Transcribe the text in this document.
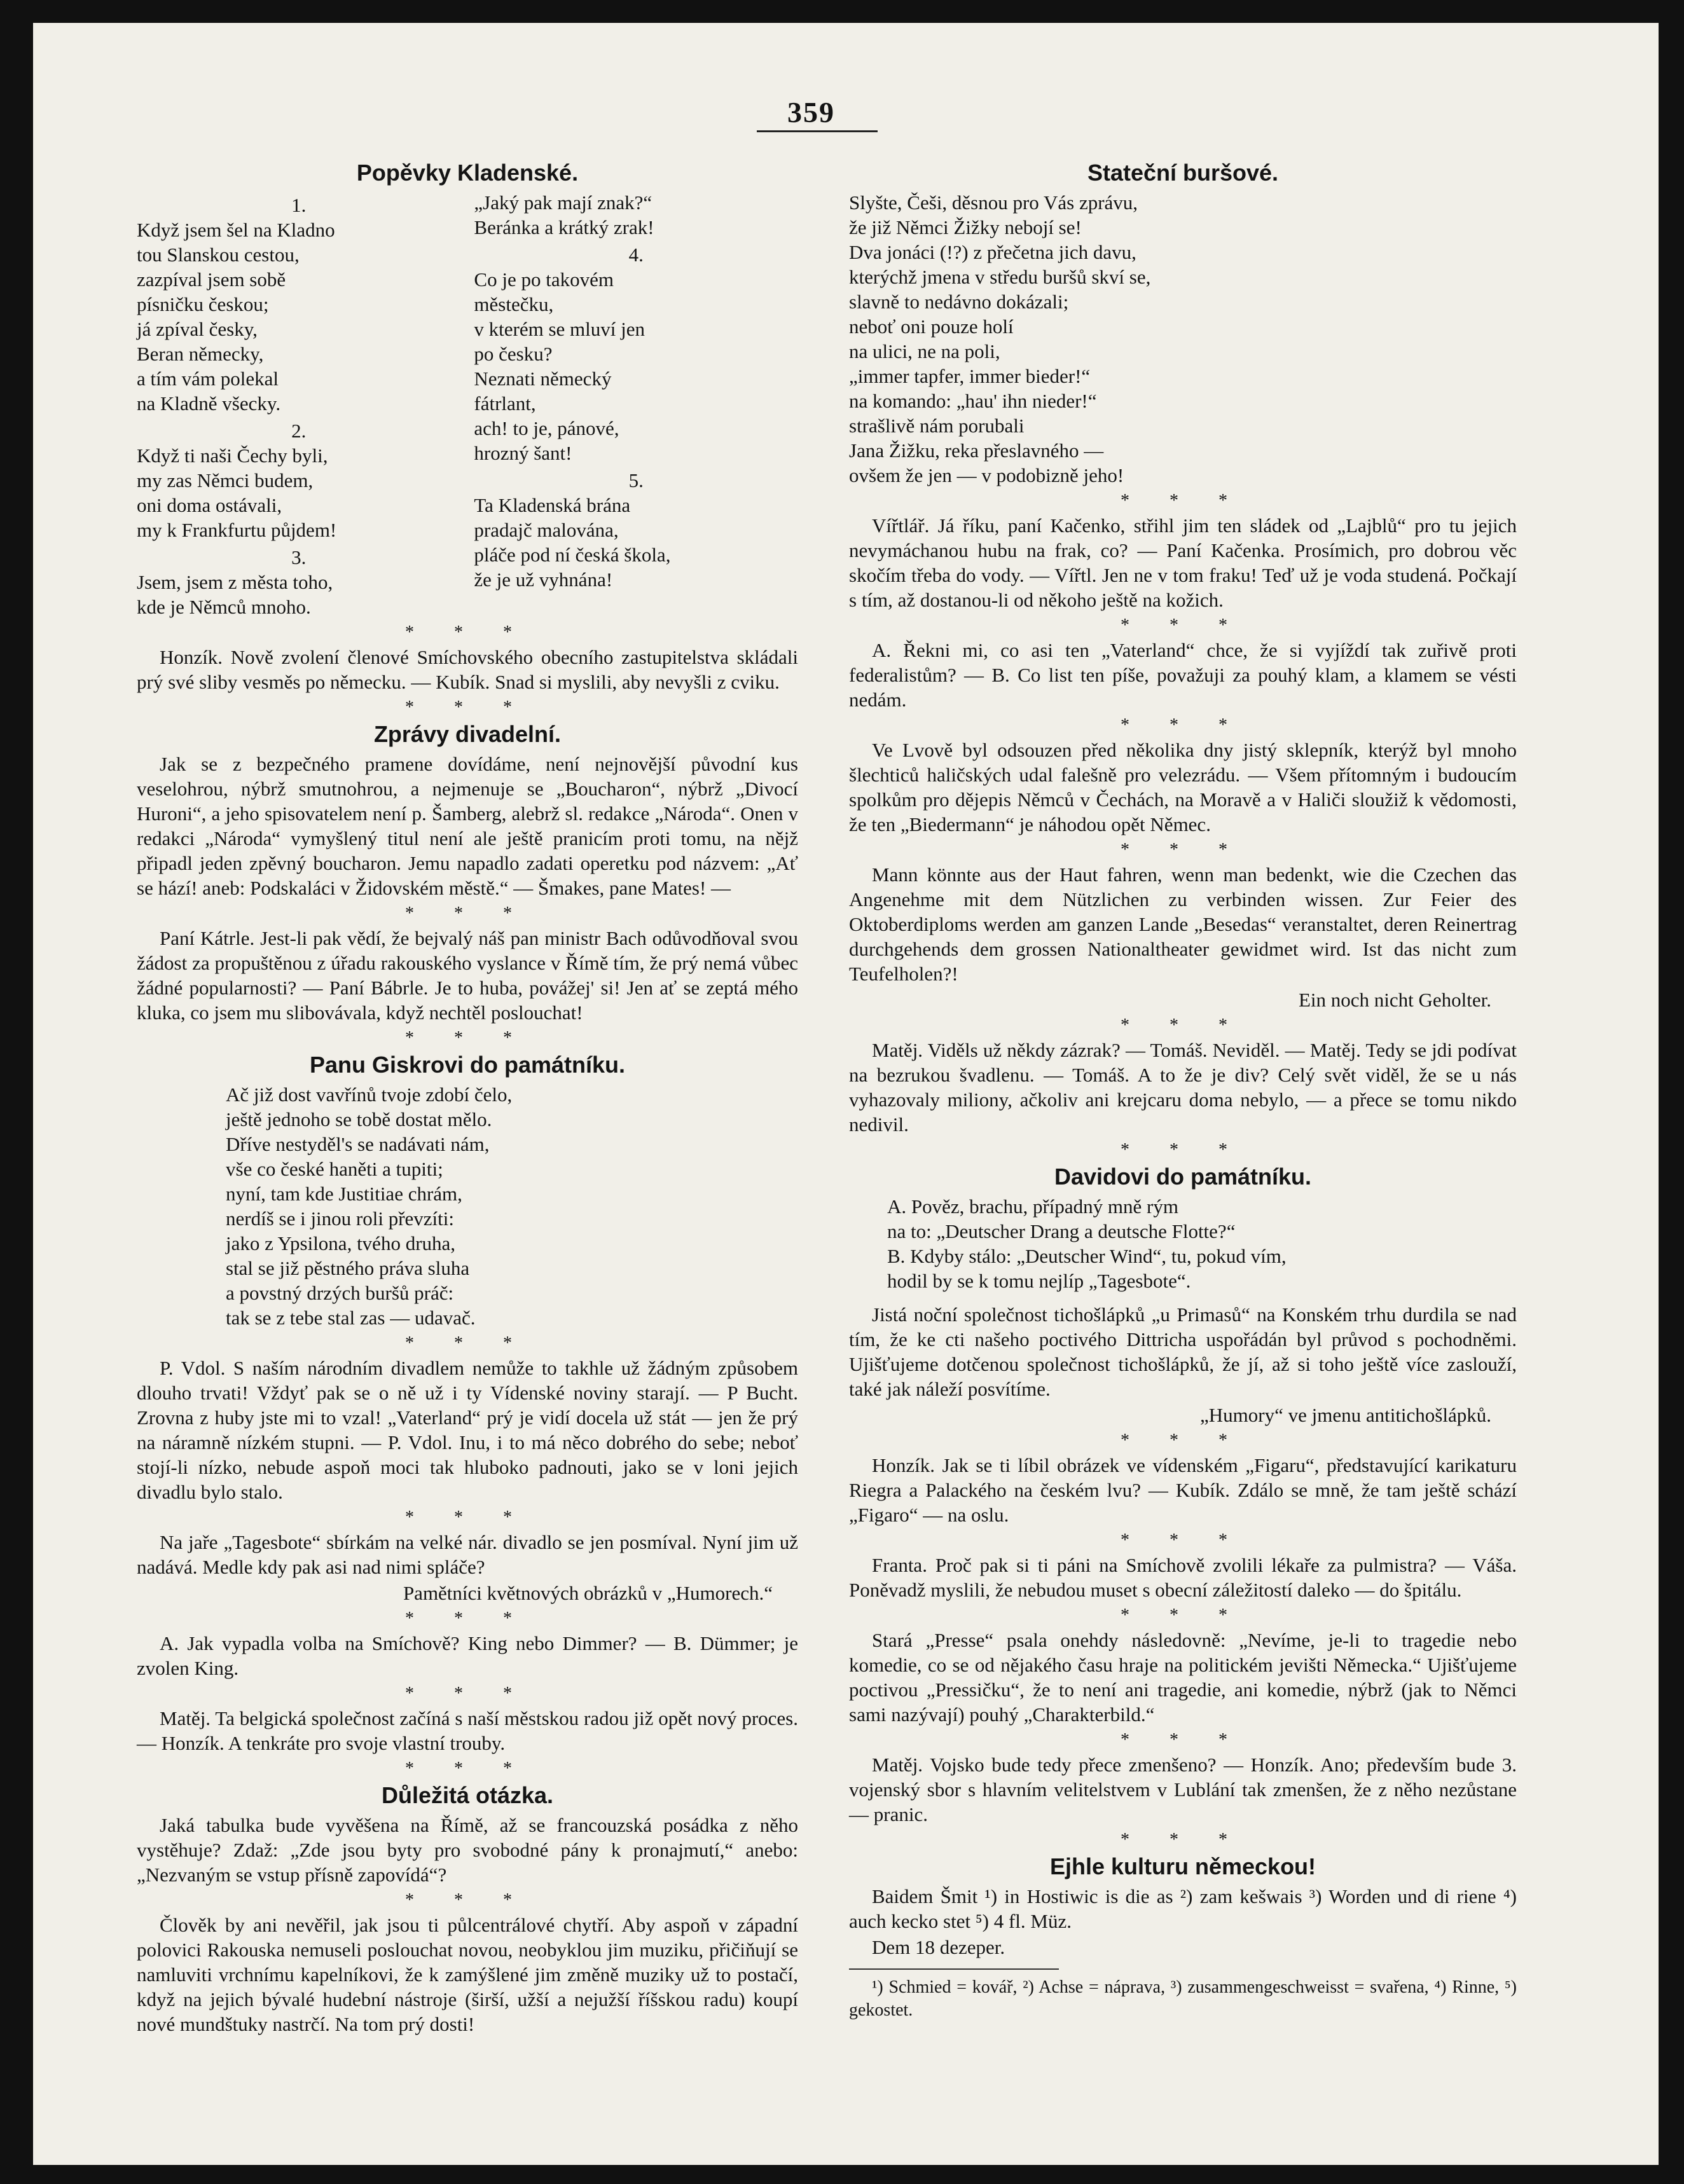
359
Popěvky Kladenské.

1.

Když jsem šel na Kladno

tou Slanskou cestou,

zazpíval jsem sobě

písničku českou;

já zpíval česky,

Beran německy,

a tím vám polekal

na Kladně všecky.

2.

Když ti naši Čechy byli,

my zas Němci budem,

oni doma ostávali,

my k Frankfurtu půjdem!

3.

Jsem, jsem z města toho,

kde je Němců mnoho.

„Jaký pak mají znak?“

Beránka a krátký zrak!

4.

Co je po takovém

městečku,

v kterém se mluví jen

po česku?

Neznati německý

fátrlant,

ach! to je, pánové,

hrozný šant!

5.

Ta Kladenská brána

pradajč malována,

pláče pod ní česká škola,

že je už vyhnána!

* * *

Honzík. Nově zvolení členové Smíchovského obecního zastupitelstva skládali prý své sliby vesměs po německu. — Kubík. Snad si myslili, aby nevyšli z cviku.

* * *
Zprávy divadelní.

Jak se z bezpečného pramene dovídáme, není nejnovější původní kus veselohrou, nýbrž smutnohrou, a nejmenuje se „Boucharon“, nýbrž „Divocí Huroni“, a jeho spisovatelem není p. Šamberg, alebrž sl. redakce „Národa“. Onen v redakci „Národa“ vymyšlený titul není ale ještě pranicím proti tomu, na nějž připadl jeden zpěvný boucharon. Jemu napadlo zadati operetku pod názvem: „Ať se hází! aneb: Podskaláci v Židovském městě.“ — Šmakes, pane Mates! —

* * *

Paní Kátrle. Jest-li pak vědí, že bejvalý náš pan ministr Bach odůvodňoval svou žádost za propuštěnou z úřadu rakouského vyslance v Římě tím, že prý nemá vůbec žádné popularnosti? — Paní Bábrle. Je to huba, povážej' si! Jen ať se zeptá mého kluka, co jsem mu slibovávala, když nechtěl poslouchat!

* * *
Panu Giskrovi do památníku.

Ač již dost vavřínů tvoje zdobí čelo,

ještě jednoho se tobě dostat mělo.

Dříve nestyděl's se nadávati nám,

vše co české haněti a tupiti;

nyní, tam kde Justitiae chrám,

nerdíš se i jinou roli převzíti:

jako z Ypsilona, tvého druha,

stal se již pěstného práva sluha

a povstný drzých buršů práč:

tak se z tebe stal zas — udavač.

* * *

P. Vdol. S naším národním divadlem nemůže to takhle už žádným způsobem dlouho trvati! Vždyť pak se o ně už i ty Vídenské noviny starají. — P Bucht. Zrovna z huby jste mi to vzal! „Vaterland“ prý je vidí docela už stát — jen že prý na náramně nízkém stupni. — P. Vdol. Inu, i to má něco dobrého do sebe; neboť stojí-li nízko, nebude aspoň moci tak hluboko padnouti, jako se v loni jejich divadlu bylo stalo.

* * *

Na jaře „Tagesbote“ sbírkám na velké nár. divadlo se jen posmíval. Nyní jim už nadává. Medle kdy pak asi nad nimi spláče?

Pamětníci květnových obrázků v „Humorech.“

* * *

A. Jak vypadla volba na Smíchově? King nebo Dimmer? — B. Dümmer; je zvolen King.

* * *

Matěj. Ta belgická společnost začíná s naší městskou radou již opět nový proces. — Honzík. A tenkráte pro svoje vlastní trouby.

* * *
Důležitá otázka.

Jaká tabulka bude vyvěšena na Římě, až se francouzská posádka z něho vystěhuje? Zdaž: „Zde jsou byty pro svobodné pány k pronajmutí,“ anebo: „Nezvaným se vstup přísně zapovídá“?

* * *

Člověk by ani nevěřil, jak jsou ti půlcentrálové chytří. Aby aspoň v západní polovici Rakouska nemuseli poslouchat novou, neobyklou jim muziku, přičiňují se namluviti vrchnímu kapelníkovi, že k zamýšlené jim změně muziky už to postačí, když na jejich bývalé hudební nástroje (širší, užší a nejužší říšskou radu) koupí nové mundštuky nastrčí. Na tom prý dosti!

Stateční buršové.

Slyšte, Češi, děsnou pro Vás zprávu,

že již Němci Žižky nebojí se!

Dva jonáci (!?) z přečetna jich davu,

kterýchž jmena v středu buršů skví se,

slavně to nedávno dokázali;

neboť oni pouze holí

na ulici, ne na poli,

„immer tapfer, immer bieder!“

na komando: „hau' ihn nieder!“

strašlivě nám porubali

Jana Žižku, reka přeslavného —

ovšem že jen — v podobizně jeho!

* * *

Vířtlář. Já říku, paní Kačenko, střihl jim ten sládek od „Lajblů“ pro tu jejich nevymáchanou hubu na frak, co? — Paní Kačenka. Prosímich, pro dobrou věc skočím třeba do vody. — Vířtl. Jen ne v tom fraku! Teď už je voda studená. Počkají s tím, až dostanou-li od někoho ještě na kožich.

* * *

A. Řekni mi, co asi ten „Vaterland“ chce, že si vyjíždí tak zuřivě proti federalistům? — B. Co list ten píše, považuji za pouhý klam, a klamem se vésti nedám.

* * *

Ve Lvově byl odsouzen před několika dny jistý sklepník, kterýž byl mnoho šlechticů haličských udal falešně pro velezrádu. — Všem přítomným i budoucím spolkům pro dějepis Němců v Čechách, na Moravě a v Haliči sloužiž k vědomosti, že ten „Biedermann“ je náhodou opět Němec.

* * *

Mann könnte aus der Haut fahren, wenn man bedenkt, wie die Czechen das Angenehme mit dem Nützlichen zu verbinden wissen. Zur Feier des Oktoberdiploms werden am ganzen Lande „Besedas“ veranstaltet, deren Reinertrag durchgehends dem grossen Nationaltheater gewidmet wird. Ist das nicht zum Teufelholen?!

Ein noch nicht Geholter.

* * *

Matěj. Viděls už někdy zázrak? — Tomáš. Neviděl. — Matěj. Tedy se jdi podívat na bezrukou švadlenu. — Tomáš. A to že je div? Celý svět viděl, že se u nás vyhazovaly miliony, ačkoliv ani krejcaru doma nebylo, — a přece se tomu nikdo nedivil.

* * *
Davidovi do památníku.

A. Pověz, brachu, případný mně rým

na to: „Deutscher Drang a deutsche Flotte?“

B. Kdyby stálo: „Deutscher Wind“, tu, pokud vím,

hodil by se k tomu nejlíp „Tagesbote“.

Jistá noční společnost tichošlápků „u Primasů“ na Konském trhu durdila se nad tím, že ke cti našeho poctivého Dittricha uspořádán byl průvod s pochodněmi. Ujišťujeme dotčenou společnost tichošlápků, že jí, až si toho ještě více zaslouží, také jak náleží posvítíme.

„Humory“ ve jmenu antitichošlápků.

* * *

Honzík. Jak se ti líbil obrázek ve vídenském „Figaru“, představující karikaturu Riegra a Palackého na českém lvu? — Kubík. Zdálo se mně, že tam ještě schází „Figaro“ — na oslu.

* * *

Franta. Proč pak si ti páni na Smíchově zvolili lékaře za pulmistra? — Váša. Poněvadž myslili, že nebudou muset s obecní záležitostí daleko — do špitálu.

* * *

Stará „Presse“ psala onehdy následovně: „Nevíme, je-li to tragedie nebo komedie, co se od nějakého času hraje na politickém jevišti Německa.“ Ujišťujeme poctivou „Pressičku“, že to není ani tragedie, ani komedie, nýbrž (jak to Němci sami nazývají) pouhý „Charakterbild.“

* * *

Matěj. Vojsko bude tedy přece zmenšeno? — Honzík. Ano; především bude 3. vojenský sbor s hlavním velitelstvem v Lublání tak zmenšen, že z něho nezůstane — pranic.

* * *
Ejhle kulturu německou!

Baidem Šmit ¹) in Hostiwic is die as ²) zam kešwais ³) Worden und di riene ⁴) auch kecko stet ⁵) 4 fl. Müz.

Dem 18 dezeper.

¹) Schmied = kovář, ²) Achse = náprava, ³) zusammengeschweisst = svařena, ⁴) Rinne, ⁵) gekostet.
